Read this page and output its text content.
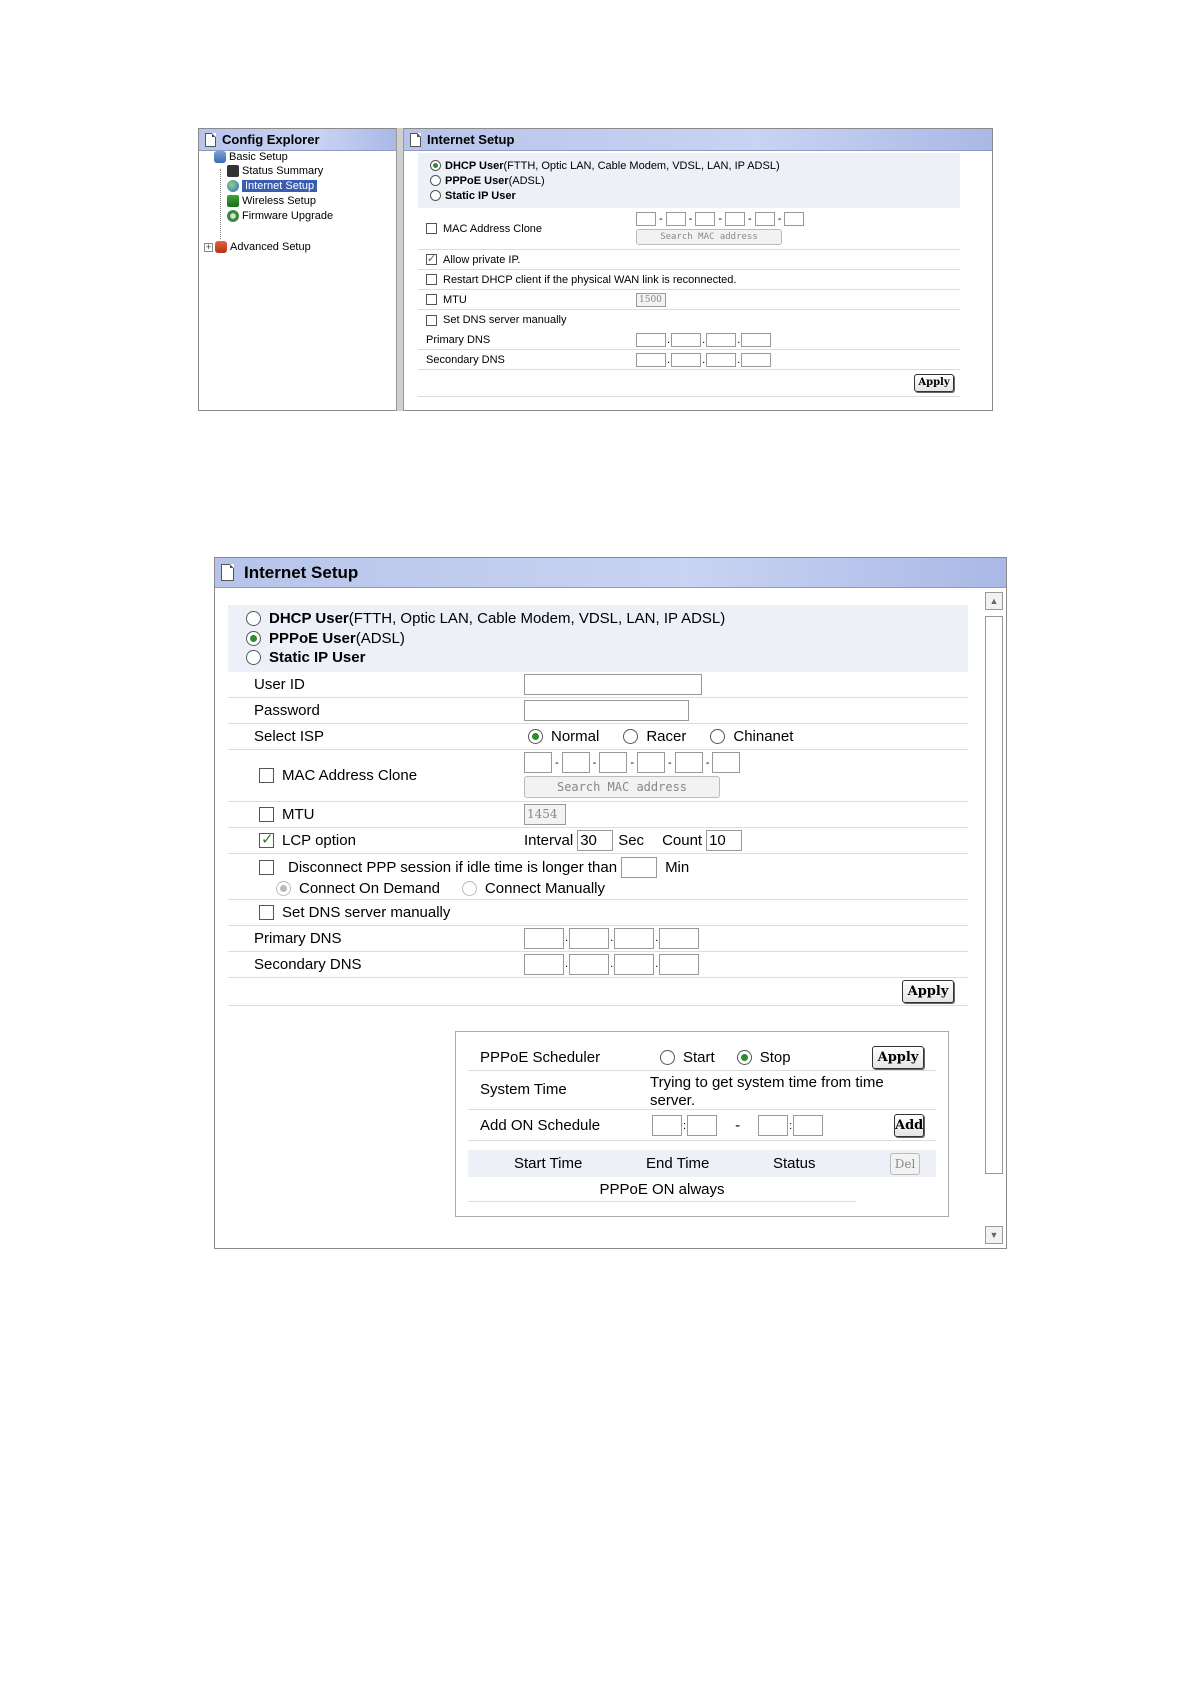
Config Explorer
Basic Setup
Status Summary
Internet Setup
Wireless Setup
Firmware Upgrade
+ Advanced Setup
Internet Setup
DHCP User (FTTH, Optic LAN, Cable Modem, VDSL, LAN, IP ADSL)
PPPoE User (ADSL)
Static IP User
MAC Address Clone
- - - - -
Search MAC address
✓
Allow private IP.
Restart DHCP client if the physical WAN link is reconnected.
MTU	1500
Set DNS server manually
Primary DNS	.	.	.
Secondary DNS	.	.	.
Apply
Internet Setup
▲
▼
DHCP User (FTTH, Optic LAN, Cable Modem, VDSL, LAN, IP ADSL)
PPPoE User (ADSL)
Static IP User
User ID
Password
Select ISP	Normal	Racer	Chinanet
MAC Address Clone
-	-	-	-	-
Search MAC address
MTU	1454
✓
LCP option	Interval 30	Sec Count 10
Disconnect PPP session if idle time is longer than	Min
Connect On Demand	Connect Manually
Set DNS server manually
Primary DNS	.	.	.
Secondary DNS	.	.	.
Apply
PPPoE Scheduler	Start	Stop	Apply
System Time	Trying to get system time from time server.
Add ON Schedule	:	-	:	Add
Start Time	End Time	Status	Del
PPPoE ON always
